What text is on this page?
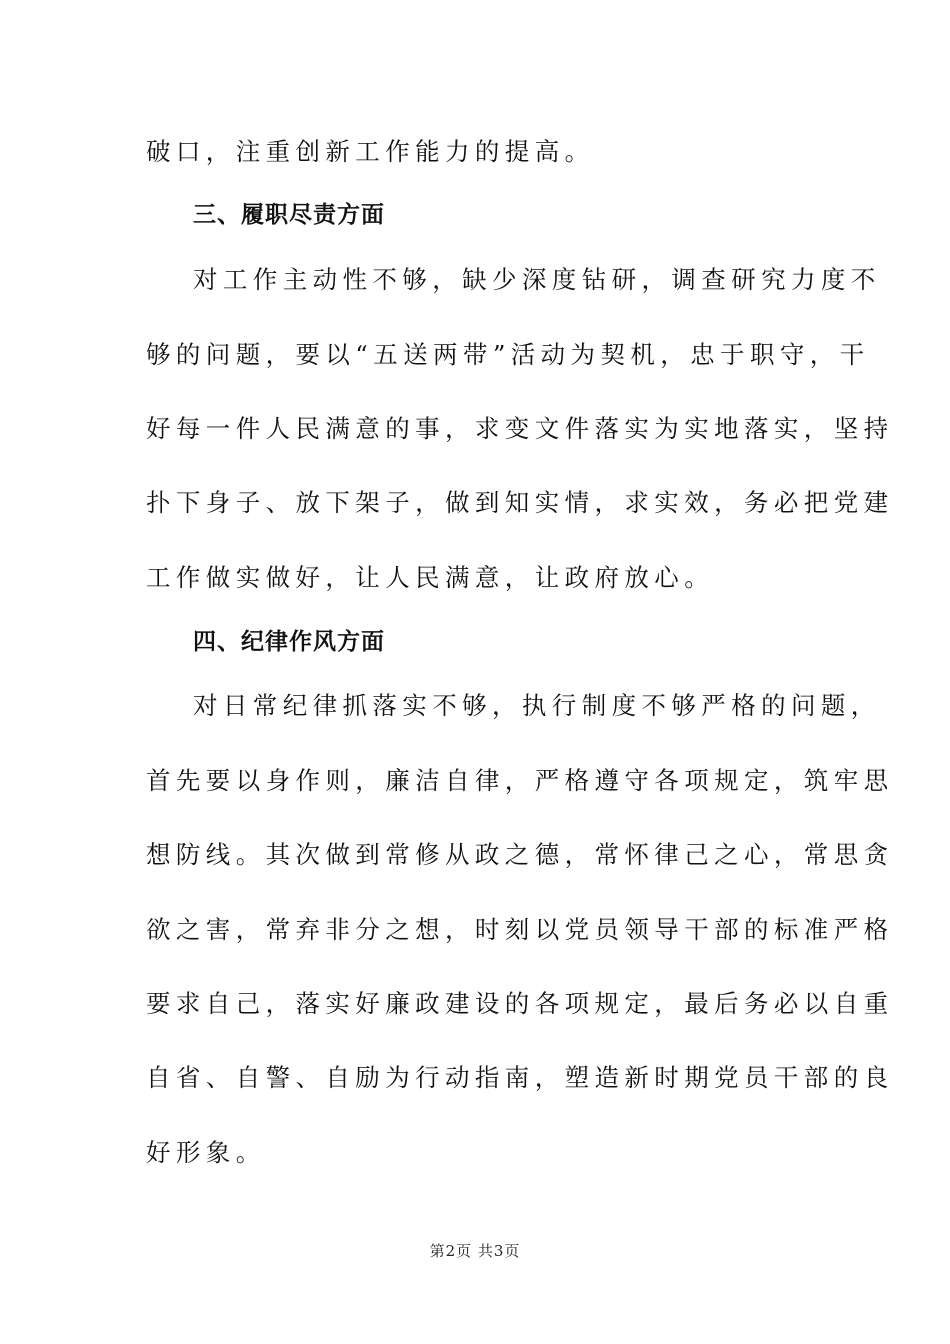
破口，注重创新工作能力的提高。
三、履职尽责方面
对工作主动性不够，缺少深度钻研，调查研究力度不
够的问题，要以“五送两带”活动为契机，忠于职守，干
好每一件人民满意的事，求变文件落实为实地落实，坚持
扑下身子、放下架子，做到知实情，求实效，务必把党建
工作做实做好，让人民满意，让政府放心。
四、纪律作风方面
对日常纪律抓落实不够，执行制度不够严格的问题，
首先要以身作则，廉洁自律，严格遵守各项规定，筑牢思
想防线。其次做到常修从政之德，常怀律己之心，常思贪
欲之害，常弃非分之想，时刻以党员领导干部的标准严格
要求自己，落实好廉政建设的各项规定，最后务必以自重
自省、自警、自励为行动指南，塑造新时期党员干部的良
好形象。
第2页 共3页
